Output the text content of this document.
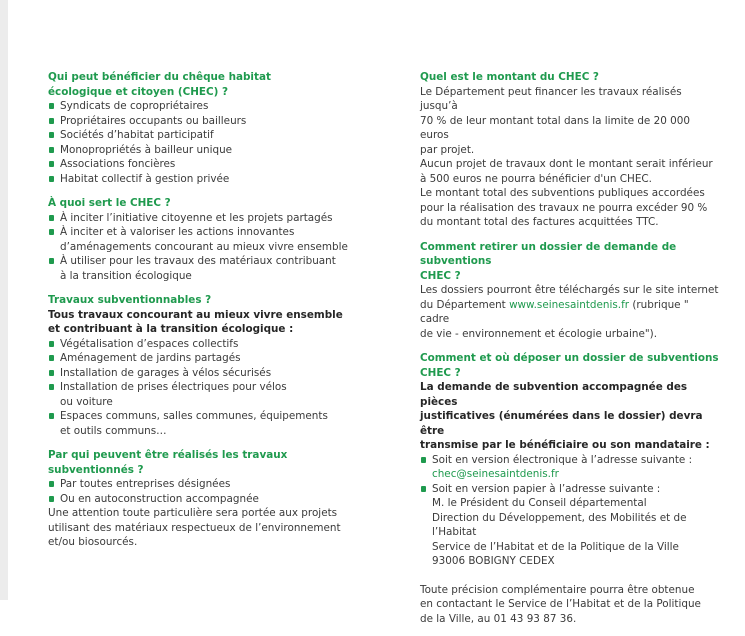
Qui peut bénéficier du chêque habitat
écologique et citoyen (CHEC) ?
Syndicats de copropriétaires
Propriétaires occupants ou bailleurs
Sociétés d’habitat participatif
Monopropriétés à bailleur unique
Associations foncières
Habitat collectif à gestion privée
À quoi sert le CHEC ?
À inciter l’initiative citoyenne et les projets partagés
À inciter et à valoriser les actions innovantes
d’aménagements concourant au mieux vivre ensemble
À utiliser pour les travaux des matériaux contribuant
à la transition écologique
Travaux subventionnables ?

Tous travaux concourant au mieux vivre ensemble
et contribuant à la transition écologique :

Végétalisation d’espaces collectifs
Aménagement de jardins partagés
Installation de garages à vélos sécurisés
Installation de prises électriques pour vélos
ou voiture
Espaces communs, salles communes, équipements
et outils communs…
Par qui peuvent être réalisés les travaux subventionnés ?
Par toutes entreprises désignées
Ou en autoconstruction accompagnée

Une attention toute particulière sera portée aux projets
utilisant des matériaux respectueux de l’environnement
et/ou biosourcés.

Quel est le montant du CHEC ?

Le Département peut financer les travaux réalisés jusqu’à
70 % de leur montant total dans la limite de 20 000 euros
par projet.

Aucun projet de travaux dont le montant serait inférieur
à 500 euros ne pourra bénéficier d'un CHEC.

Le montant total des subventions publiques accordées
pour la réalisation des travaux ne pourra excéder 90 %
du montant total des factures acquittées TTC.

Comment retirer un dossier de demande de subventions
CHEC ?

Les dossiers pourront être téléchargés sur le site internet
du Département www.seinesaintdenis.fr (rubrique " cadre
de vie - environnement et écologie urbaine").

Comment et où déposer un dossier de subventions
CHEC ?

La demande de subvention accompagnée des pièces
justificatives (énumérées dans le dossier) devra être
transmise par le bénéficiaire ou son mandataire :

Soit en version électronique à l’adresse suivante :
chec@seinesaintdenis.fr
Soit en version papier à l’adresse suivante :

M. le Président du Conseil départemental

Direction du Développement, des Mobilités et de l’Habitat

Service de l’Habitat et de la Politique de la Ville

93006 BOBIGNY CEDEX

Toute précision complémentaire pourra être obtenue
en contactant le Service de l’Habitat et de la Politique
de la Ville, au 01 43 93 87 36.
